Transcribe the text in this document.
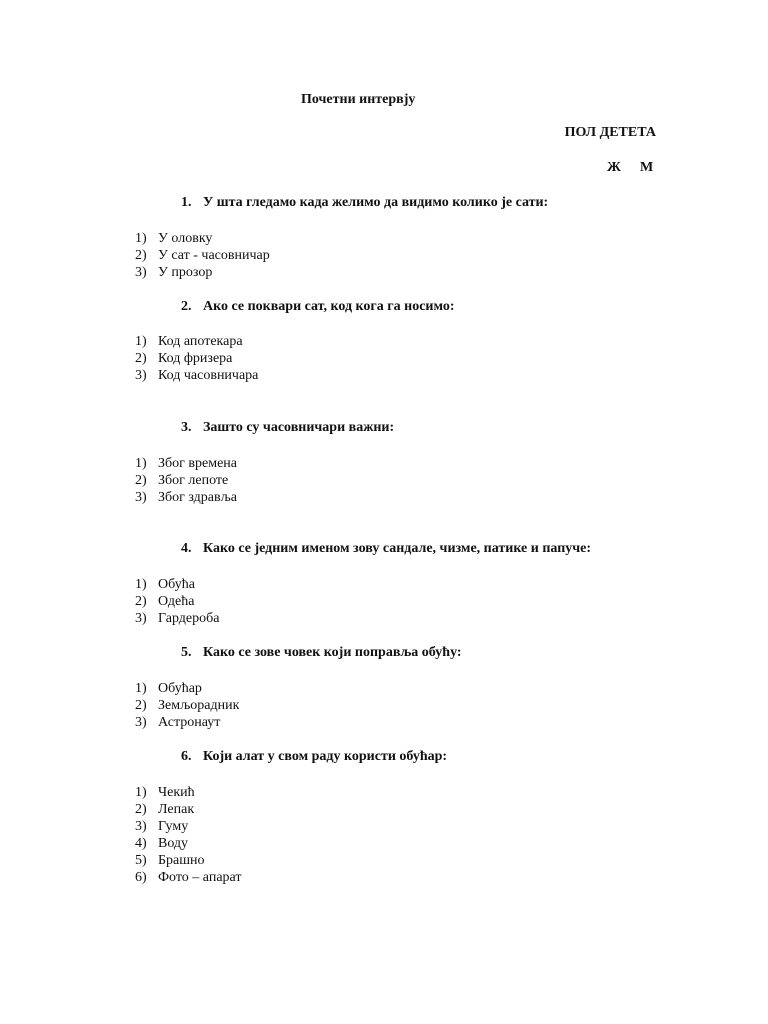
Почетни интервју
ПОЛ ДЕТЕТА
Ж М
1. У шта гледамо када желимо да видимо колико је сати:
1) У оловку
2) У сат - часовничар
3) У прозор
2. Ако се поквари сат, код кога га носимо:
1) Код апотекара
2) Код фризера
3) Код часовничара
3. Зашто су часовничари важни:
1) Због времена
2) Због лепоте
3) Због здравља
4. Како се једним именом зову сандале, чизме, патике и папуче:
1) Обућа
2) Одећа
3) Гардероба
5. Како се зове човек који поправља обућу:
1) Обућар
2) Земљорадник
3) Астронаут
6. Који алат у свом раду користи обућар:
1) Чекић
2) Лепак
3) Гуму
4) Воду
5) Брашно
6) Фото – апарат
